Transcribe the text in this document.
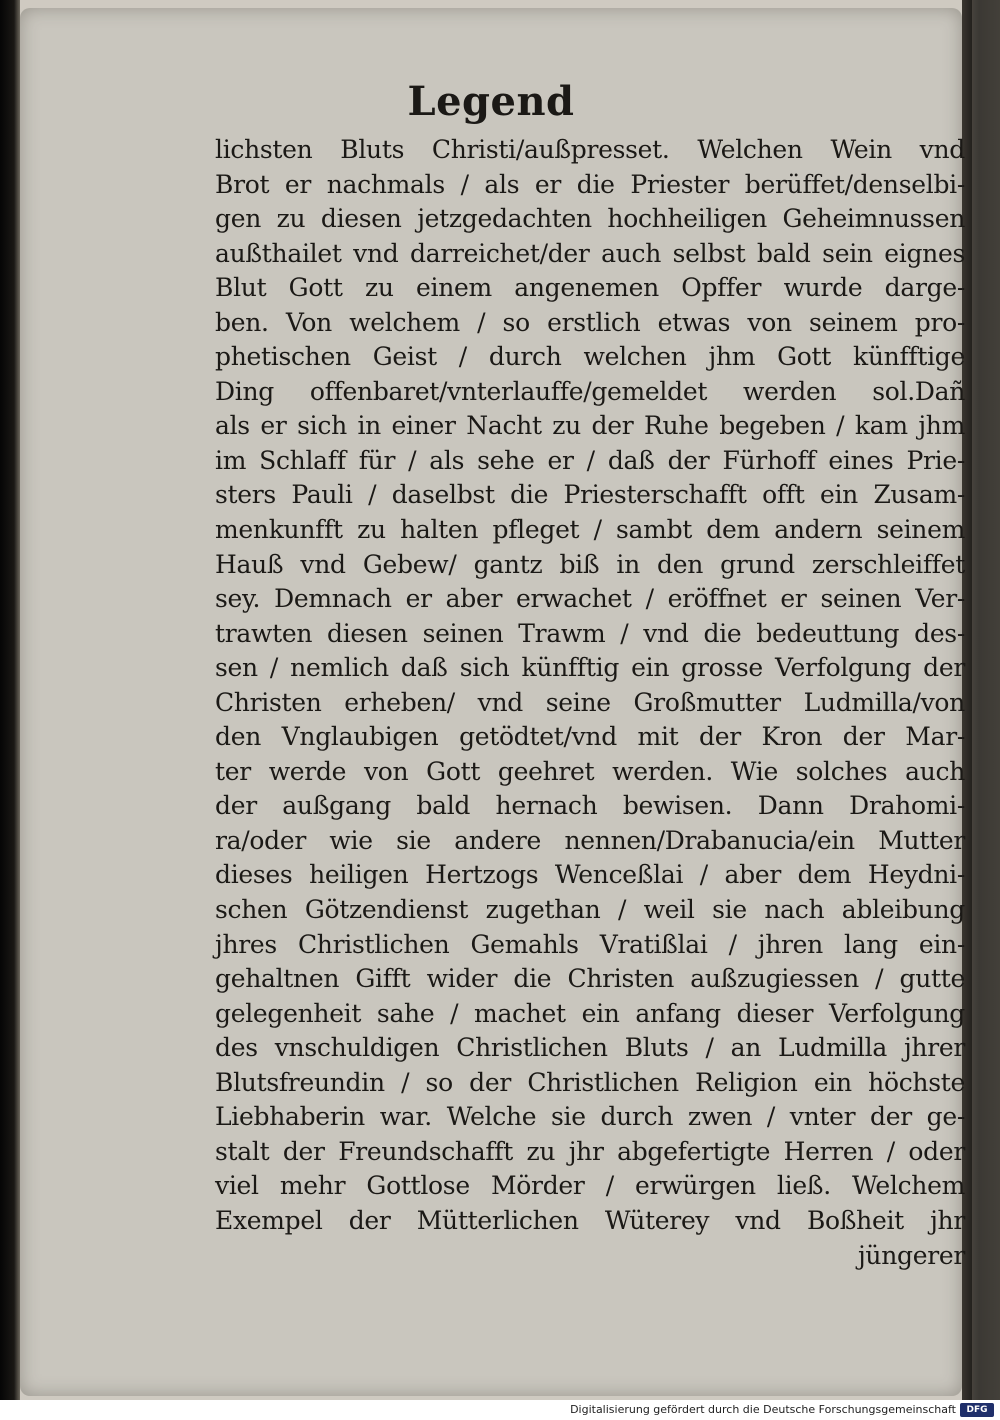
Legend
lichsten Bluts Christi/außpresset. Welchen Wein vnd
Brot er nachmals / als er die Priester berüffet/denselbi-
gen zu diesen jetzgedachten hochheiligen Geheimnussen
außthailet vnd darreichet/der auch selbst bald sein eignes
Blut Gott zu einem angenemen Opffer wurde darge-
ben. Von welchem / so erstlich etwas von seinem pro-
phetischen Geist / durch welchen jhm Gott künfftige
Ding offenbaret/vnterlauffe/gemeldet werden sol.Dañ
als er sich in einer Nacht zu der Ruhe begeben / kam jhm
im Schlaff für / als sehe er / daß der Fürhoff eines Prie-
sters Pauli / daselbst die Priesterschafft offt ein Zusam-
menkunfft zu halten pfleget / sambt dem andern seinem
Hauß vnd Gebew/ gantz biß in den grund zerschleiffet
sey. Demnach er aber erwachet / eröffnet er seinen Ver-
trawten diesen seinen Trawm / vnd die bedeuttung des-
sen / nemlich daß sich künfftig ein grosse Verfolgung der
Christen erheben/ vnd seine Großmutter Ludmilla/von
den Vnglaubigen getödtet/vnd mit der Kron der Mar-
ter werde von Gott geehret werden. Wie solches auch
der außgang bald hernach bewisen. Dann Drahomi-
ra/oder wie sie andere nennen/Drabanucia/ein Mutter
dieses heiligen Hertzogs Wenceßlai / aber dem Heydni-
schen Götzendienst zugethan / weil sie nach ableibung
jhres Christlichen Gemahls Vratißlai / jhren lang ein-
gehaltnen Gifft wider die Christen außzugiessen / gutte
gelegenheit sahe / machet ein anfang dieser Verfolgung
des vnschuldigen Christlichen Bluts / an Ludmilla jhrer
Blutsfreundin / so der Christlichen Religion ein höchste
Liebhaberin war. Welche sie durch zwen / vnter der ge-
stalt der Freundschafft zu jhr abgefertigte Herren / oder
viel mehr Gottlose Mörder / erwürgen ließ. Welchem
Exempel der Mütterlichen Wüterey vnd Boßheit jhr
jüngerer
Digitalisierung gefördert durch die Deutsche Forschungsgemeinschaft	DFG
